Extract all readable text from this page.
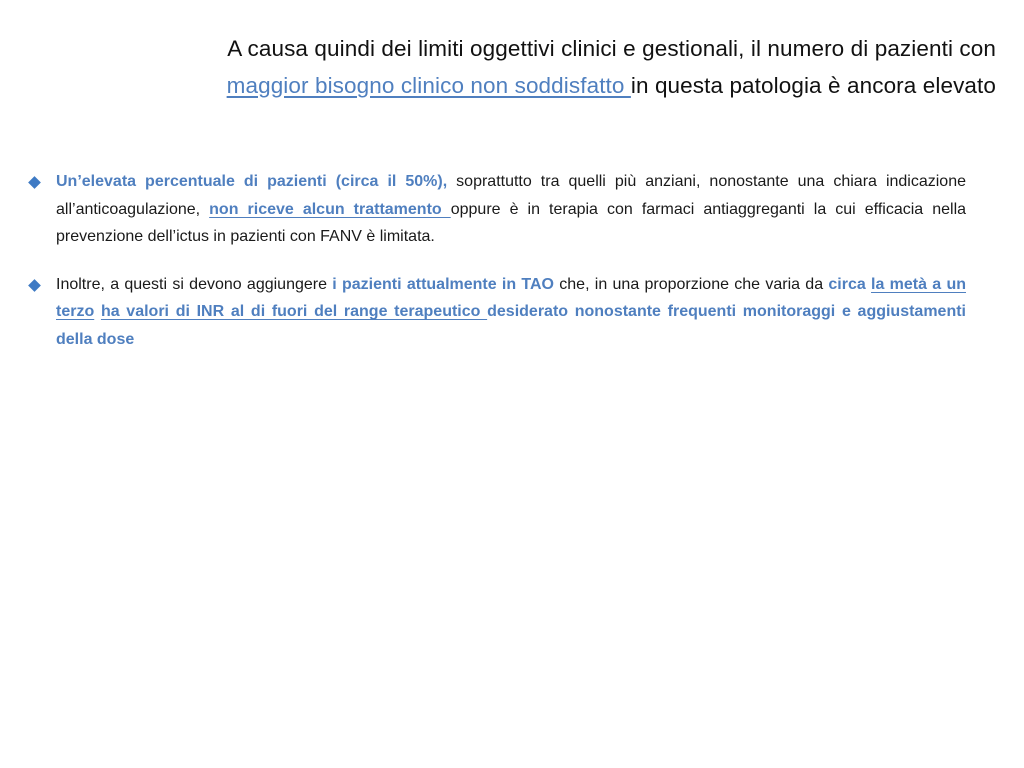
A causa quindi dei limiti oggettivi clinici e gestionali, il numero di pazienti con
maggior bisogno clinico non soddisfatto in questa patologia è ancora elevato
Un’elevata percentuale di pazienti (circa il 50%), soprattutto tra quelli più anziani, nonostante una chiara indicazione all’anticoagulazione, non riceve alcun trattamento oppure è in terapia con farmaci antiaggreganti la cui efficacia nella prevenzione dell’ictus in pazienti con FANV è limitata.
Inoltre, a questi si devono aggiungere i pazienti attualmente in TAO che, in una proporzione che varia da circa la metà a un terzo ha valori di INR al di fuori del range terapeutico desiderato nonostante frequenti monitoraggi e aggiustamenti della dose
